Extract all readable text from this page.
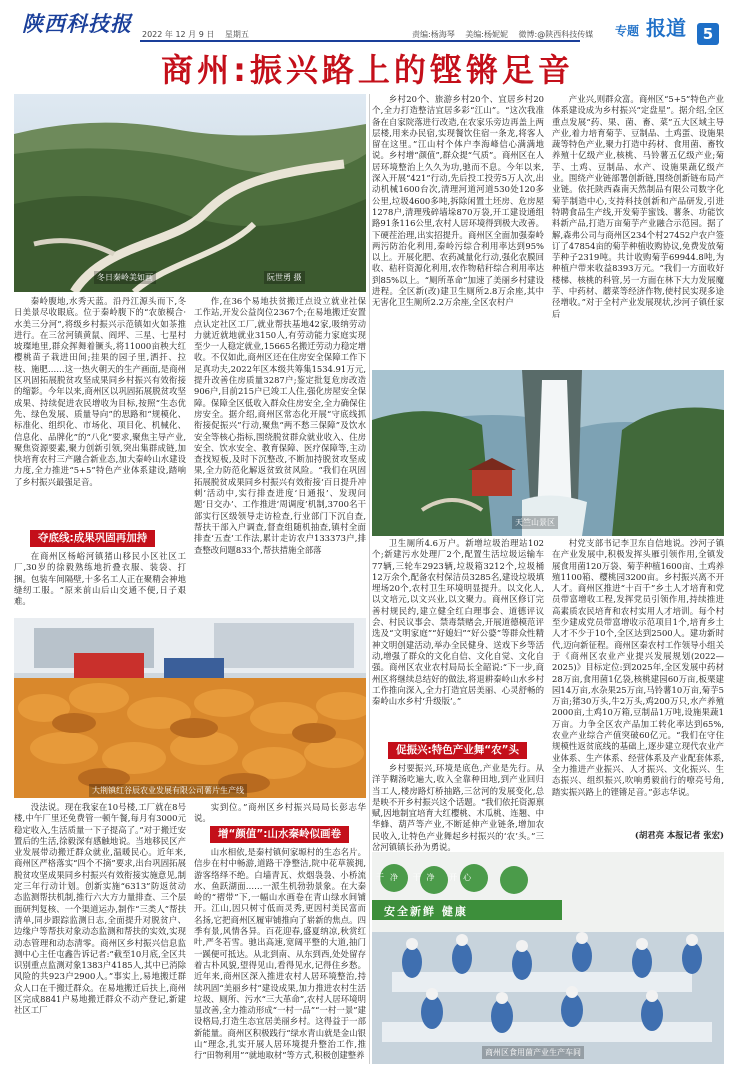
陕西科技报 2022 年 12 月 9 日 星期五	责编:杨海琴 美编:杨妮妮 微博:@陕西科技传媒	专题 报道	5
商州:振兴路上的铿锵足音
冬日秦岭美如画	阮世勇 摄

秦岭腹地,水秀天蓝。沿丹江源头而下,冬日美景尽收眼底。位于秦岭腹下的“农旅模合·水美三分河”,将级乡村振兴示范镇如火如茶推进行。在三岔河镇黄鼠、阎坪、三星、七星村坡璨地里,群众挥舞着镢头,将11000亩秧大红樱桃苗子栽进田间;挂果的园子里,洒扦、拉枝、施肥……这一热火朝天的生产画面,是商州区巩固拓展脱贫攻坚成果同乡村振兴有效衔接的缩影。今年以来,商州区以巩固拓展脱贫攻坚成果、持续促进农民增收为目标,按照“生态优先、绿色发展、质量导向”的思路和“规模化、标准化、组织化、市场化、项目化、机械化、信息化、品牌化”的“八化”要求,聚焦主导产业,聚焦资源要素,聚力创新引领,突出集群成链,加快培育农村三产融合新业态,加大秦岭山水建设力度,全力推进“5+5”特色产业体系建设,踏响了乡村振兴最强足音。

夺底线:成果巩固再加持

在商州区杨峪河镇猪山移民小区社区工厂,30岁的徐毅熟练地折叠衣服、装袋、打捆。包装车间隔壁,十多名工人正在聚精会神地缝纫工服。“原来前山后山交通不便,日子艰难。

作,在36个易地扶贫搬迁点设立就业社保工作站,开发公益岗位2367个;在易地搬迁安置点认定社区工厂,就业帮扶基地42家,吸纳劳动力就近就地就业3150人,有劳动能力家庭实现至少一人稳定就业,15665名搬迁劳动力稳定增收。不仅如此,商州区还在住房安全保障工作下足真功夫,2022年区本级共筹集1534.91万元,提升改善住房质量3287户;鉴定批复危房改造906户,目前215户已竣工人住,强化房屋安全保障。保障全区低收入群众住房安全,全力确保住房安全。据介绍,商州区常态化开展“守底线抓衔接促振兴”行动,聚焦“两不愁三保障”及饮水安全等核心指标,围绕脱贫群众就业收入、住房安全、饮水安全、教育保障、医疗保障等,主动查找短板,及时下沉整改,不断加持脱贫攻坚成果,全力防范化解返贫致贫风险。“我们在巩固拓展脱贫成果同乡村振兴有效衔接‘百日提升冲刺’活动中,实行排查进度‘日通报’、发现问题‘日交办’、工作推进‘周调度’机制,3700名干部实行区级领导走访检查,行业部门下沉自查,帮扶干部入户调查,督查组随机抽查,镇村全面排查‘五查’工作法,累计走访农户133373户,排查整改问题833个,帮扶措施全部落

大荆镇红谷辰农业发展有限公司薯片生产线

没法说。现在我家在10号楼,工厂就在8号楼,中午厂里还免费管一顿午餐,每月有3000元稳定收入,生活质量一下子提高了。”对于搬迁安置后的生活,徐毅深有感触地说。当地移民区产业发展带动搬迁群众就业,温暖民心。近年来,商州区严格落实“四个不摘”要求,出台巩固拓展脱贫攻坚成果同乡村振兴有效衔接实施意见,制定三年行动计划。创新实施“6313”防返贫动态监测帮扶机制,推行六大方力量排查、三个层面研判复核、一个渠道运办,制作“三类人”帮扶清单,同步跟踪监测日志,全面提升对脱贫户、边缘户等帮扶对象动态监测和帮扶的实效,实现动态管理和动态清零。商州区乡村振兴信息监测中心主任屯鑫告诉记者:“截至10月底,全区共识别重点监测对象1383户4185人,其中已消除风险的共923户2900人。”事实上,易地搬迁群众人口在千搬迁群众。在易地搬迁后扶上,商州区完成8841户易地搬迁群众不动产登记,新建社区工厂

实到位。”商州区乡村振兴局局长彭志华说。

增“颜值”:山水秦岭似画卷

山水相依,是秦村镇何家塬村的生态名片。信步在村中畅游,道路干净整洁,院中花草簇拥,游客络绎不绝。白墙青瓦、炊烟袅袅、小桥流水、鱼跃湖面……一派生机勃勃景象。在大秦岭的“褶带”下,一幅山水画卷在青山绿水间铺开。江山,因只树寸低而灵秀,更因村美民富而名扬,它把商州区履审铺推向了崭新的焦点。四季有景,风情各异。百花迎春,盛夏纳凉,秋赏红叶,严冬若雪。驰出高速,宽阔平整的大道,抽门一蹊便可抵达。从北到南、从东到西,处处留存着古朴风貌,望得见山,看得见水,记得住乡愁。近年来,商州区深入推进农村人居环境整治,持续巩固“美丽乡村”建设成果,加力推进农村生活垃圾、厕所、污水“三大革命”,农村人居环境明显改善,全力推动形成“一村一品”“一村一景”建设格局,打造生态宜居美丽乡村。这得益于一部新能量。商州区积极践行“绿水青山就是金山银山”理念,扎实开展人居环境提升整治工作,推行“田物利用”“就地取材”等方式,积极创建整养

乡村20个、旅游乡村20个、宜居乡村20个,全力打造整洁宜居多彩“江山”。“这次我准备在自家院落进行改造,在农家乐旁边再盖上两层楼,用来办民宿,实现餐饮住宿一条龙,将客人留在这里。”江山村个体户李海峰信心满满地说。乡村增“颜值”,群众提“气质”。商州区在人居环境整治上久久为功,驰而不息。今年以来,深入开展“421”行动,先后投工投劳5万人次,出动机械1600台次,清理河道河道530处120多公里,垃圾4600多吨,拆除闲置土坯房、危房屋1278户,清理残碎墙垛870万袋,开工建设通组路91条116公里,农村人居环境得到极大改善。下硬茬治理,出实招提升。商州区全面加强秦岭两污防治化利用,秦岭污综合利用率达到95%以上。开展化肥、农药减量化行动,强化农膜回收、秸秆资源化利用,农作物秸秆综合利用率达到85%以上。“厕所革命”加速了美丽乡村建设进程。全区新(改)建卫生厕所2.8万余座,其中无害化卫生厕所2.2万余座,全区农村户

产业兴,则群众富。商州区“5+5”特色产业体系建设成为乡村振兴“定盘星”。据介绍,全区重点发展“药、果、菌、畜、菜”五大区域主导产业,着力培育菊芋、豆制品、土鸡蛋、设施果蔬等特色产业,聚力打造中药材、食用菌、畜牧养殖十亿级产业,核桃、马铃薯五亿级产业;菊芋、土鸡、豆制品、水产、设施果蔬亿级产业。围绕产业链部署创新链,围绕创新链布局产业链。依托陕西森南天然制品有限公司数字化菊芋制造中心,支持科技创新和产品研发,引进特聘食品生产线,开发菊芋蜜饯、薯条、功能饮料新产品,打造万亩菊芋产业融合示范园。据了解,森弗公司与商州区234个村27452户农户签订了47854亩的菊芋种植收购协议,免费发放菊芋种子2319吨。共计收购菊芋69944.8吨,为种植户带来收益8393万元。“我们一方面收好楼梯、核桃的科管,另一方面在林下大力发展魔芋、中药材、蘑菜等经济作物,使村民实现多途径增收。”对于全村产业发展现状,沙河子镇任家后

天竺山景区

卫生厕所4.6万户。新增垃圾治理站102个;新建污水处理厂2个,配置生活垃圾运输车77辆,三轮车2923辆,垃圾箱3212个,垃圾桶12万余个,配备农村保洁员3285名,建设垃圾填埋场20个,农村卫生环境明显提升。以文化人,以文培元,以文兴业,以文聚力。商州区修订完善村规民约,建立健全红白理事会、道德评议会、村民议事会、禁毒禁赌会,开展道德模范评选及“文明家庭”“好媳妇”“好公婆”等群众性精神文明创建活动,举办全民健身、送戏下乡等活动,增强了群众的文化自信、文化自觉、文化自强。商州区农业农村局局长全韶说:“下一步,商州区将继续总结好的做法,将退耕秦岭山水乡村工作推向深入,全力打造宜居美丽、心灵舒畅的秦岭山水乡村‘升级版’。”

促振兴:特色产业舞“农”头

乡村要振兴,环境是底色,产业是先行。从洋芋糊汤吃遍大,收入全靠种田地,到产业回归当工人,楼房路灯桥抽路,三岔河的发展变化,总是映不开乡村振兴这个话题。“我们依托资源禀赋,因地制宜培育大红樱桃、木瓜桃、连翘、中华蜂、葫芦等产业,不断延伸产业链条,增加农民收入,让特色产业舞起乡村振兴的‘农’头。”三岔河镇镇长孙为勇说。

村党支部书记李卫东自信地说。沙河子镇在产业发展中,积极发挥头雁引领作用,全镇发展食用菌120万袋、菊芋种植1600亩、土鸡养殖1100箱、樱桃园3200亩。乡村振兴离不开人才。商州区推进“十百千”乡土人才培育和党员带富增收工程,发挥党员引领作用,持续推进高素质农民培育和农村实用人才培训。每个村至少建成党员带富增收示范项目1个,培育乡土人才不少于10个,全区达到2500人。建功新时代,迈向新征程。商州区秦农村工作领导小组关于《商州区农业产业提兴发展规划(2022—2025)》目标定位:到2025年,全区发展中药材28万亩,食用菌1亿袋,核桃建园60万亩,板栗建园14万亩,水杂果25万亩,马铃薯10万亩,菊芋5万亩;猪30万头,牛2万头,鸡200万只,水产养殖2000亩,土鸡10万箱,豆制品1万吨,设施果蔬1万亩。力争全区农产品加工转化率达到65%,农业产业综合产值突破60亿元。“我们在守住规模性返贫底线的基础上,逐步建立现代农业产业体系、生产体系、经营体系及产业配套体系,全力推进产业振兴、人才振兴、文化振兴、生态振兴、组织振兴,吹响勇毅前行的嘹亮号角,踏实振兴路上的铿锵足音。”彭志华说。

(胡君亮 本报记者 张宏)
干净 干净 开心
安全新鲜 健康
商州区食用菌产业生产车间
